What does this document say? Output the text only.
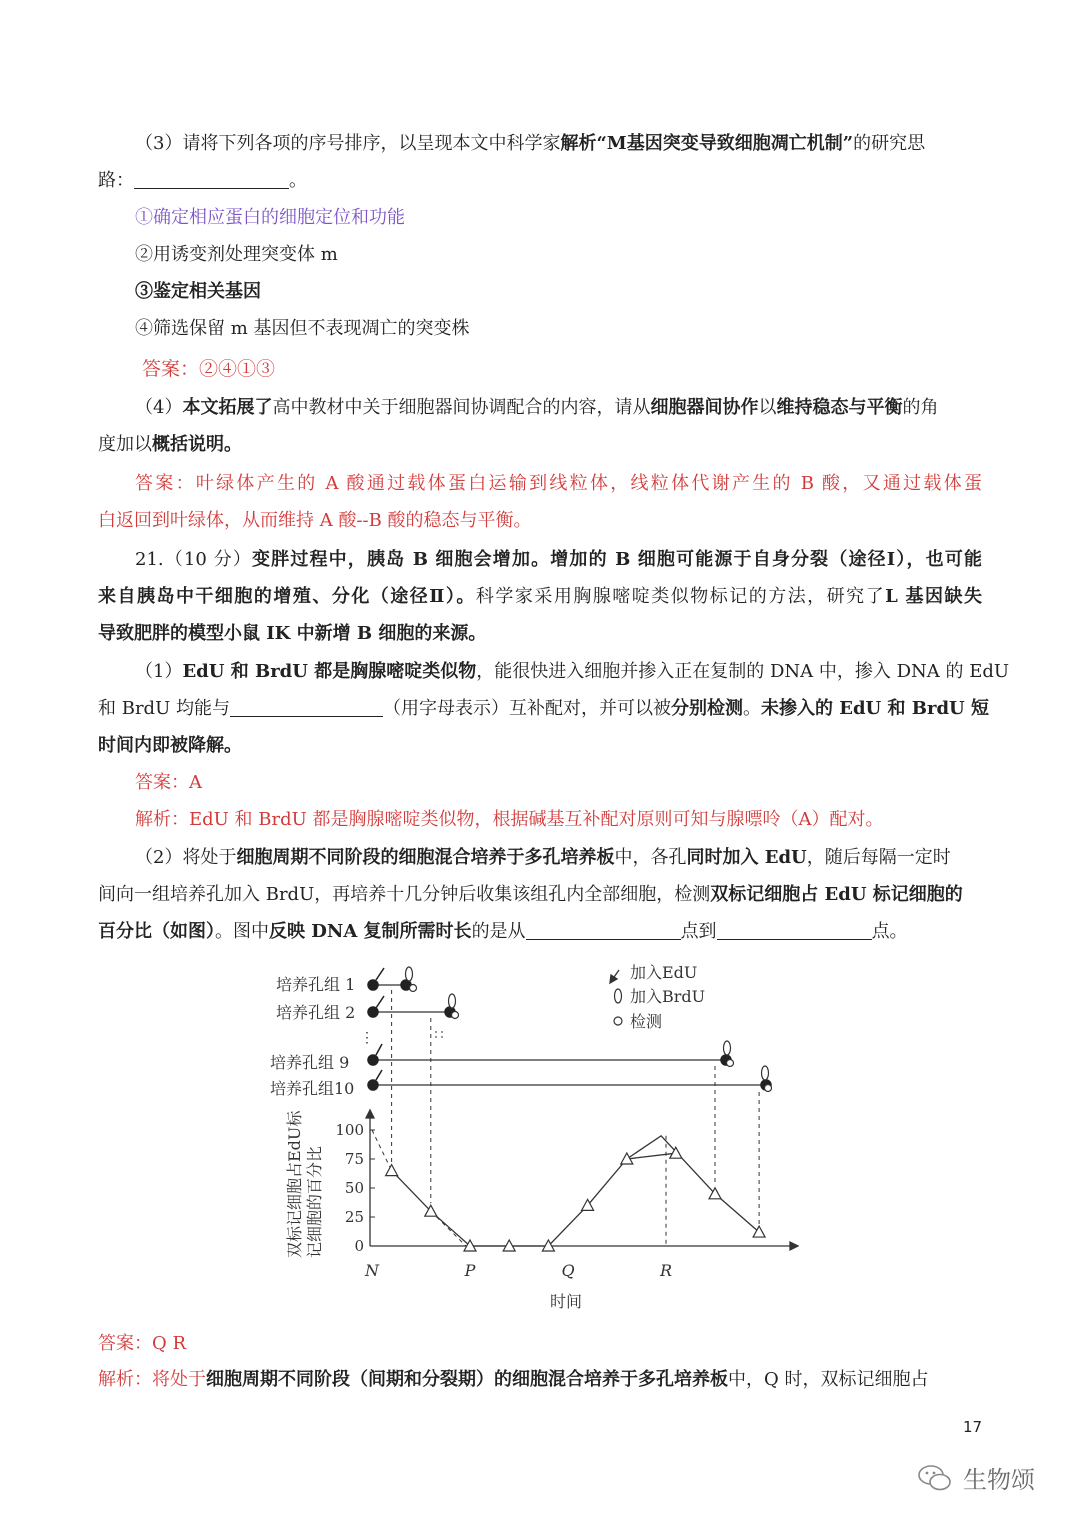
（3）请将下列各项的序号排序，以呈现本文中科学家解析“M基因突变导致细胞凋亡机制”的研究思
路：	。
①确定相应蛋白的细胞定位和功能
②用诱变剂处理突变体 m
③鉴定相关基因
④筛选保留 m 基因但不表现凋亡的突变株
答案：②④①③
（4）本文拓展了高中教材中关于细胞器间协调配合的内容，请从细胞器间协作以维持稳态与平衡的角
度加以概括说明。
答案：叶绿体产生的 A 酸通过载体蛋白运输到线粒体，线粒体代谢产生的 B 酸，又通过载体蛋
白返回到叶绿体，从而维持 A 酸--B 酸的稳态与平衡。
21.（10 分）变胖过程中，胰岛 B 细胞会增加。增加的 B 细胞可能源于自身分裂（途径Ⅰ），也可能
来自胰岛中干细胞的增殖、分化（途径Ⅱ）。科学家采用胸腺嘧啶类似物标记的方法，研究了L 基因缺失
导致肥胖的模型小鼠 IK 中新增 B 细胞的来源。
（1）EdU 和 BrdU 都是胸腺嘧啶类似物，能很快进入细胞并掺入正在复制的 DNA 中，掺入 DNA 的 EdU
和 BrdU 均能与	（用字母表示）互补配对，并可以被分别检测。未掺入的 EdU 和 BrdU 短
时间内即被降解。
答案：A
解析：EdU 和 BrdU 都是胸腺嘧啶类似物，根据碱基互补配对原则可知与腺嘌呤（A）配对。
（2）将处于细胞周期不同阶段的细胞混合培养于多孔培养板中，各孔同时加入 EdU，随后每隔一定时
间向一组培养孔加入 BrdU，再培养十几分钟后收集该组孔内全部细胞，检测双标记细胞占 EdU 标记细胞的
百分比（如图）。图中反映 DNA 复制所需时长的是从	点到	点。
培养孔组 1
培养孔组 2
⋮
培养孔组 9
培养孔组10
加入EdU
加入BrdU
检测
双标记细胞占EdU标 记细胞的百分比
100
75
50
25
0
N	P	Q	R
时间
答案：Q R
解析：将处于细胞周期不同阶段（间期和分裂期）的细胞混合培养于多孔培养板中，Q 时，双标记细胞占
17
生物颂
